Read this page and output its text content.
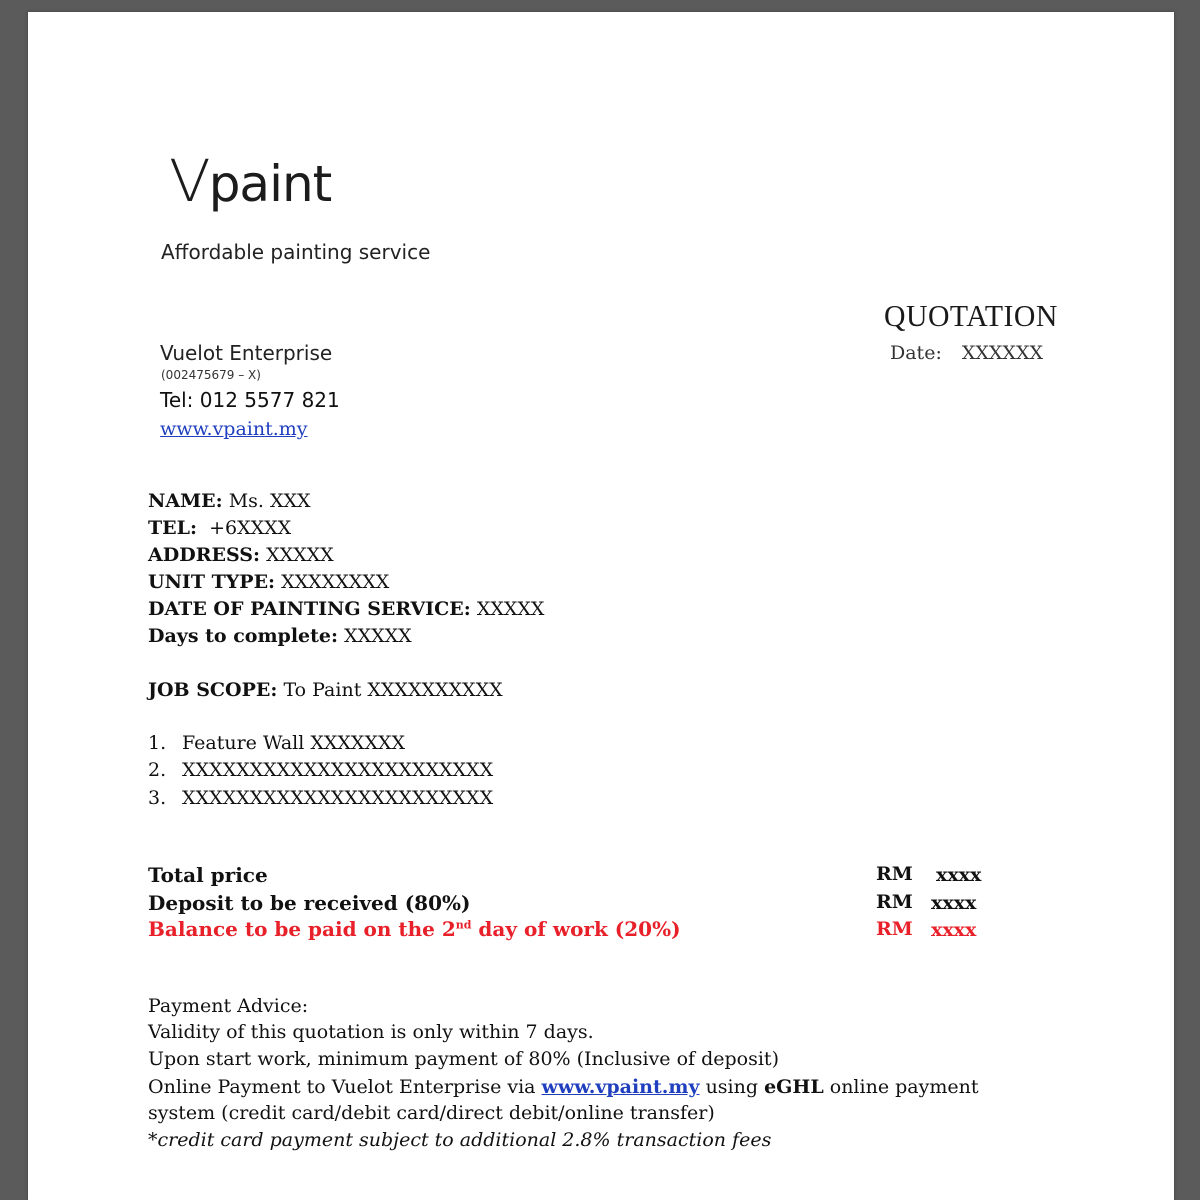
Vpaint
Affordable painting service
QUOTATION
Date: XXXXXX
Vuelot Enterprise
(002475679 – X)
Tel: 012 5577 821
www.vpaint.my
NAME: Ms. XXX
TEL: +6XXXX
ADDRESS: XXXXX
UNIT TYPE: XXXXXXXX
DATE OF PAINTING SERVICE: XXXXX
Days to complete: XXXXX
JOB SCOPE: To Paint XXXXXXXXXX
1. Feature Wall XXXXXXX
2. XXXXXXXXXXXXXXXXXXXXXXX
3. XXXXXXXXXXXXXXXXXXXXXXX
Total price	RM xxxx
Deposit to be received (80%)	RM xxxx
Balance to be paid on the 2nd day of work (20%)	RM xxxx
Payment Advice:
Validity of this quotation is only within 7 days.
Upon start work, minimum payment of 80% (Inclusive of deposit)
Online Payment to Vuelot Enterprise via www.vpaint.my using eGHL online payment
system (credit card/debit card/direct debit/online transfer)
*credit card payment subject to additional 2.8% transaction fees
